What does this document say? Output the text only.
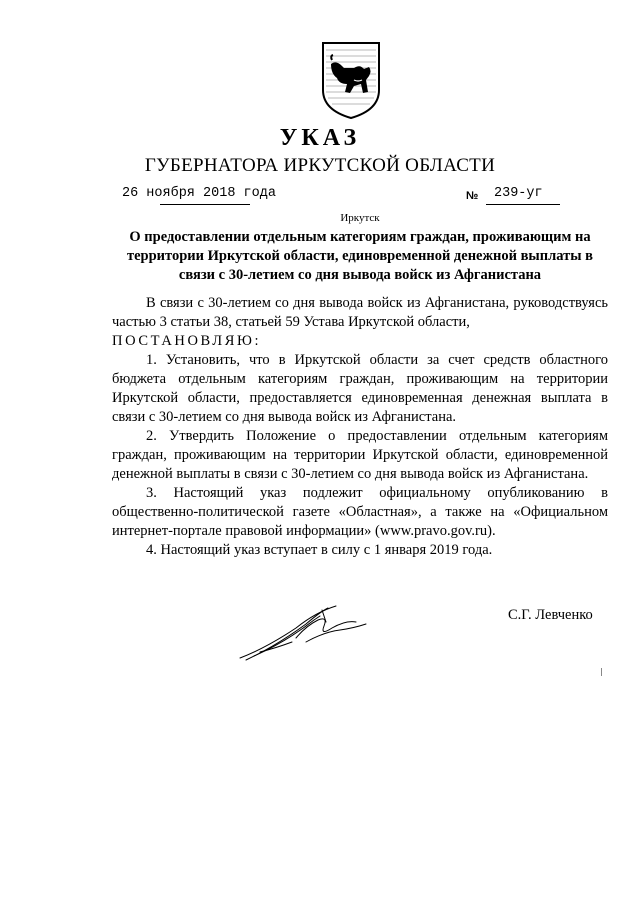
УКАЗ
ГУБЕРНАТОРА ИРКУТСКОЙ ОБЛАСТИ
26 ноября 2018 года	№ 239-уг
Иркутск
О предоставлении отдельным категориям граждан, проживающим на территории Иркутской области, единовременной денежной выплаты в связи с 30-летием со дня вывода войск из Афганистана

В связи с 30-летием со дня вывода войск из Афганистана, руководствуясь частью 3 статьи 38, статьей 59 Устава Иркутской области,

ПОСТАНОВЛЯЮ:

1. Установить, что в Иркутской области за счет средств областного бюджета отдельным категориям граждан, проживающим на территории Иркутской области, предоставляется единовременная денежная выплата в связи с 30-летием со дня вывода войск из Афганистана.

2. Утвердить Положение о предоставлении отдельным категориям граждан, проживающим на территории Иркутской области, единовременной денежной выплаты в связи с 30-летием со дня вывода войск из Афганистана.

3. Настоящий указ подлежит официальному опубликованию в общественно-политической газете «Областная», а также на «Официальном интернет-портале правовой информации» (www.pravo.gov.ru).

4. Настоящий указ вступает в силу с 1 января 2019 года.

С.Г. Левченко
